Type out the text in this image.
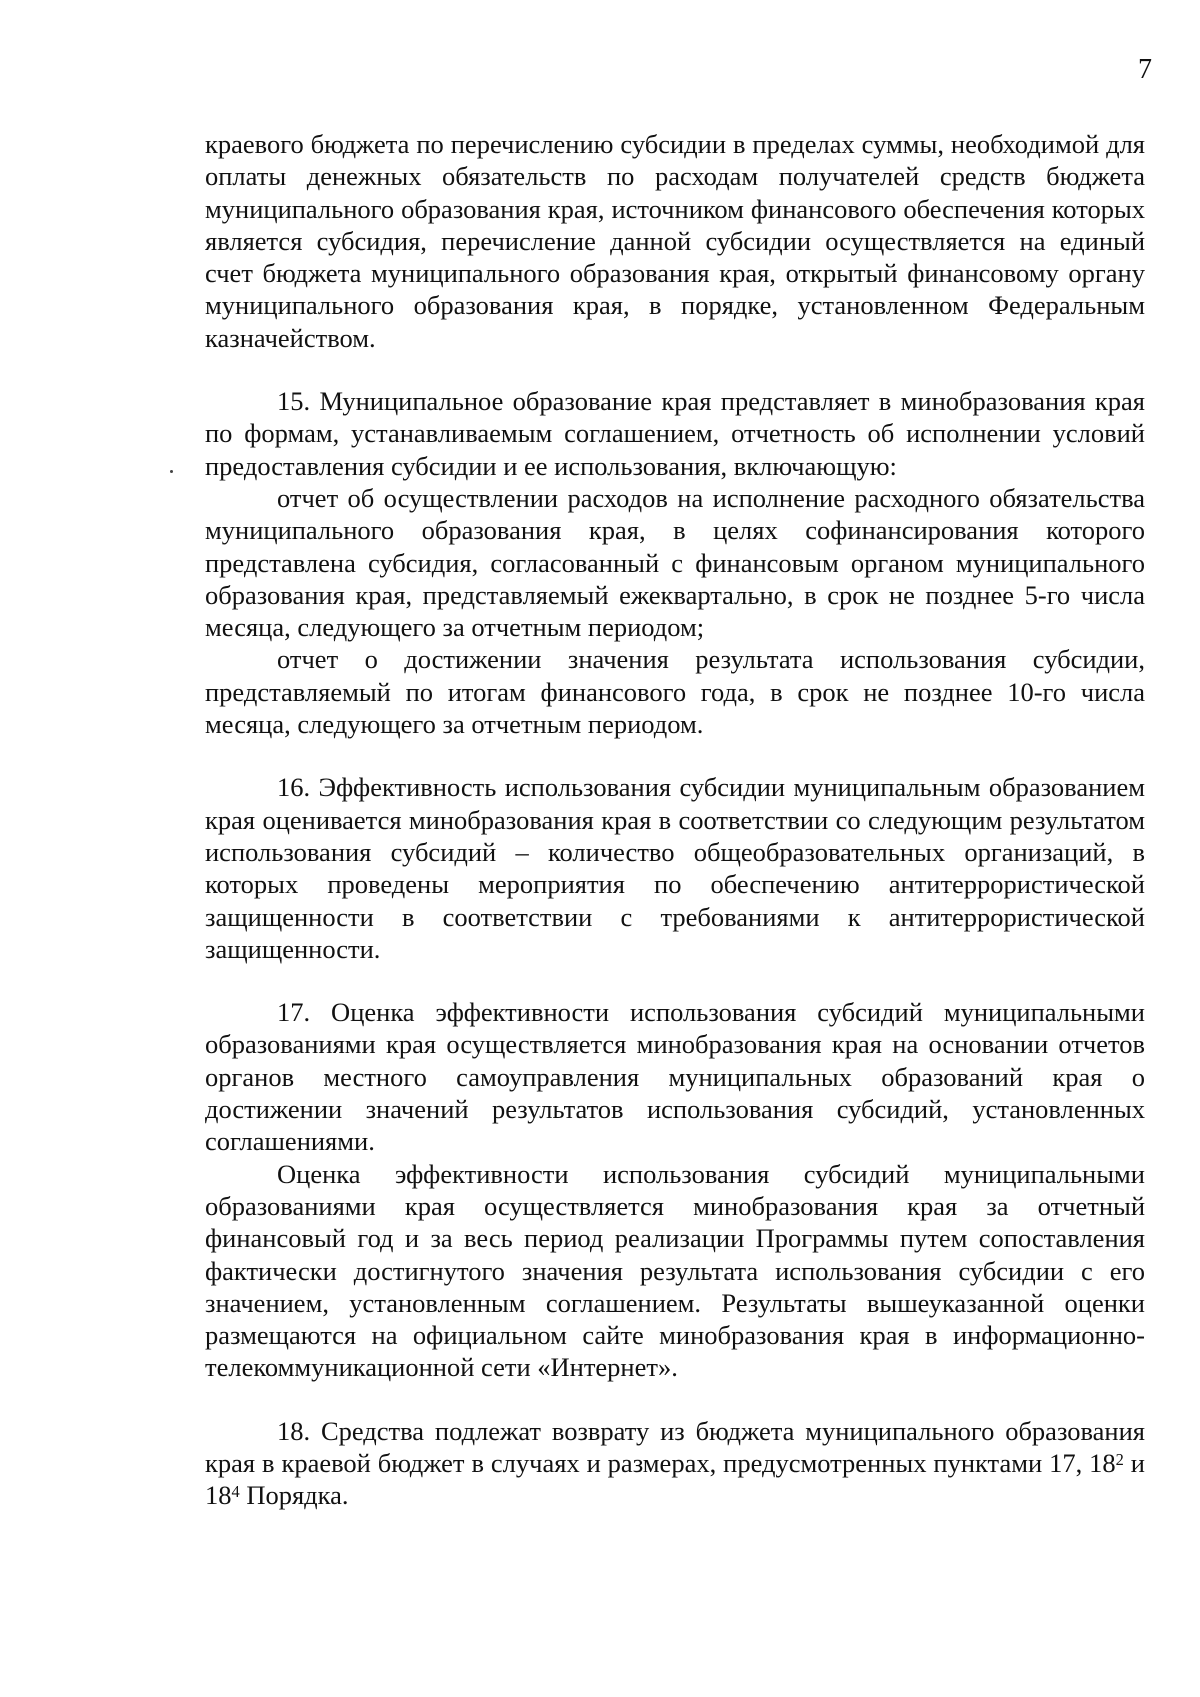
7

краевого бюджета по перечислению субсидии в пределах суммы, необходимой для оплаты денежных обязательств по расходам получателей средств бюджета муниципального образования края, источником финансового обеспечения которых является субсидия, перечисление данной субсидии осуществляется на единый счет бюджета муниципального образования края, открытый финансовому органу муниципального образования края, в порядке, установленном Федеральным казначейством.

15. Муниципальное образование края представляет в минобразования края по формам, устанавливаемым соглашением, отчетность об исполнении условий предоставления субсидии и ее использования, включающую:

отчет об осуществлении расходов на исполнение расходного обязательства муниципального образования края, в целях софинансирования которого представлена субсидия, согласованный с финансовым органом муниципального образования края, представляемый ежеквартально, в срок не позднее 5-го числа месяца, следующего за отчетным периодом;

отчет о достижении значения результата использования субсидии, представляемый по итогам финансового года, в срок не позднее 10-го числа месяца, следующего за отчетным периодом.

16. Эффективность использования субсидии муниципальным образованием края оценивается минобразования края в соответствии со следующим результатом использования субсидий – количество общеобразовательных организаций, в которых проведены мероприятия по обеспечению антитеррористической защищенности в соответствии с требованиями к антитеррористической защищенности.

17. Оценка эффективности использования субсидий муниципальными образованиями края осуществляется минобразования края на основании отчетов органов местного самоуправления муниципальных образований края о достижении значений результатов использования субсидий, установленных соглашениями.

Оценка эффективности использования субсидий муниципальными образованиями края осуществляется минобразования края за отчетный финансовый год и за весь период реализации Программы путем сопоставления фактически достигнутого значения результата использования субсидии с его значением, установленным соглашением. Результаты вышеуказанной оценки размещаются на официальном сайте минобразования края в информационно-телекоммуникационной сети «Интернет».

18. Средства подлежат возврату из бюджета муниципального образования края в краевой бюджет в случаях и размерах, предусмотренных пунктами 17, $18^2$ и $18^4$ Порядка.
